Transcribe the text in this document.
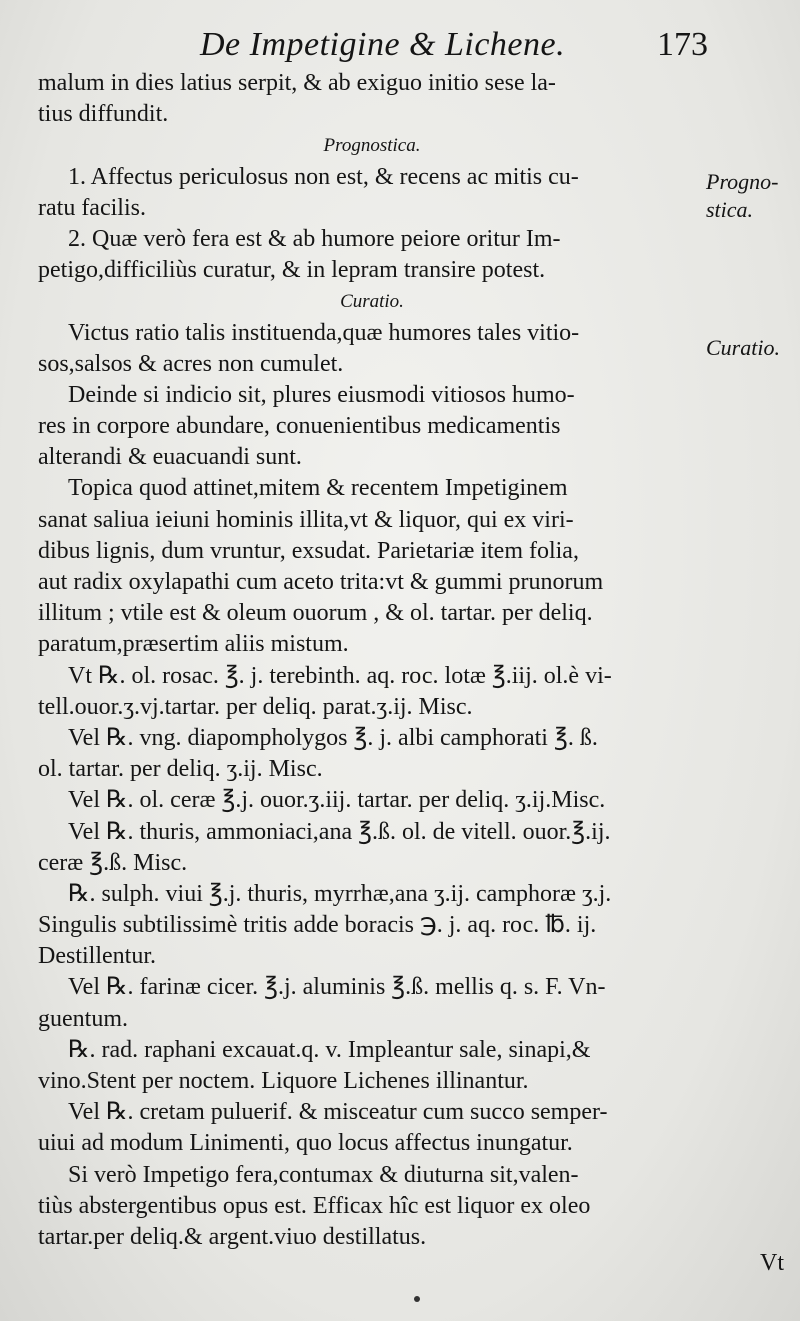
De Impetigine & Lichene.	173
malum in dies latius serpit, & ab exiguo initio sese la-
tius diffundit.
Prognostica.
1. Affectus periculosus non est, & recens ac mitis cu-
ratu facilis.
2. Quæ verò fera est & ab humore peiore oritur Im-
petigo,difficiliùs curatur, & in lepram transire potest.
Curatio.
Victus ratio talis instituenda,quæ humores tales vitio-
sos,salsos & acres non cumulet.
Deinde si indicio sit, plures eiusmodi vitiosos humo-
res in corpore abundare, conuenientibus medicamentis
alterandi & euacuandi sunt.
Topica quod attinet,mitem & recentem Impetiginem
sanat saliua ieiuni hominis illita,vt & liquor, qui ex viri-
dibus lignis, dum vruntur, exsudat. Parietariæ item folia,
aut radix oxylapathi cum aceto trita:vt & gummi prunorum
illitum ; vtile est & oleum ouorum , & ol. tartar. per deliq.
paratum,præsertim aliis mistum.
Vt ℞. ol. rosac. ℥. j. terebinth. aq. rос. lotæ ℥.iij. ol.è vi-
tell.ouor.ʒ.vj.tartar. per deliq. parat.ʒ.ij. Misc.
Vel ℞. vng. diapompholygos ℥. j. albi camphorati ℥. ß.
ol. tartar. per deliq. ʒ.ij. Misc.
Vel ℞. ol. ceræ ℥.j. ouor.ʒ.iij. tartar. per deliq. ʒ.ij.Misc.
Vel ℞. thuris, ammoniaci,ana ℥.ß. ol. de vitell. ouor.℥.ij.
ceræ ℥.ß. Misc.
℞. sulph. viui ℥.j. thuris, myrrhæ,ana ʒ.ij. camphoræ ʒ.j.
Singulis subtilissimè tritis adde boracis ℈. j. aq. rос. ℔. ij.
Destillentur.
Vel ℞. farinæ cicer. ℥.j. aluminis ℥.ß. mellis q. s. F. Vn-
guentum.
℞. rad. raphani excauat.q. v. Impleantur sale, sinapi,&
vino.Stent per noctem. Liquore Lichenes illinantur.
Vel ℞. cretam puluerif. & misceatur cum succo semper-
uiui ad modum Linimenti, quo locus affectus inungatur.
Si verò Impetigo fera,contumax & diuturna sit,valen-
tiùs abstergentibus opus est. Efficax hîc est liquor ex oleo
tartar.per deliq.& argent.viuo destillatus.
Progno-
stica.
Curatio.
Vt
